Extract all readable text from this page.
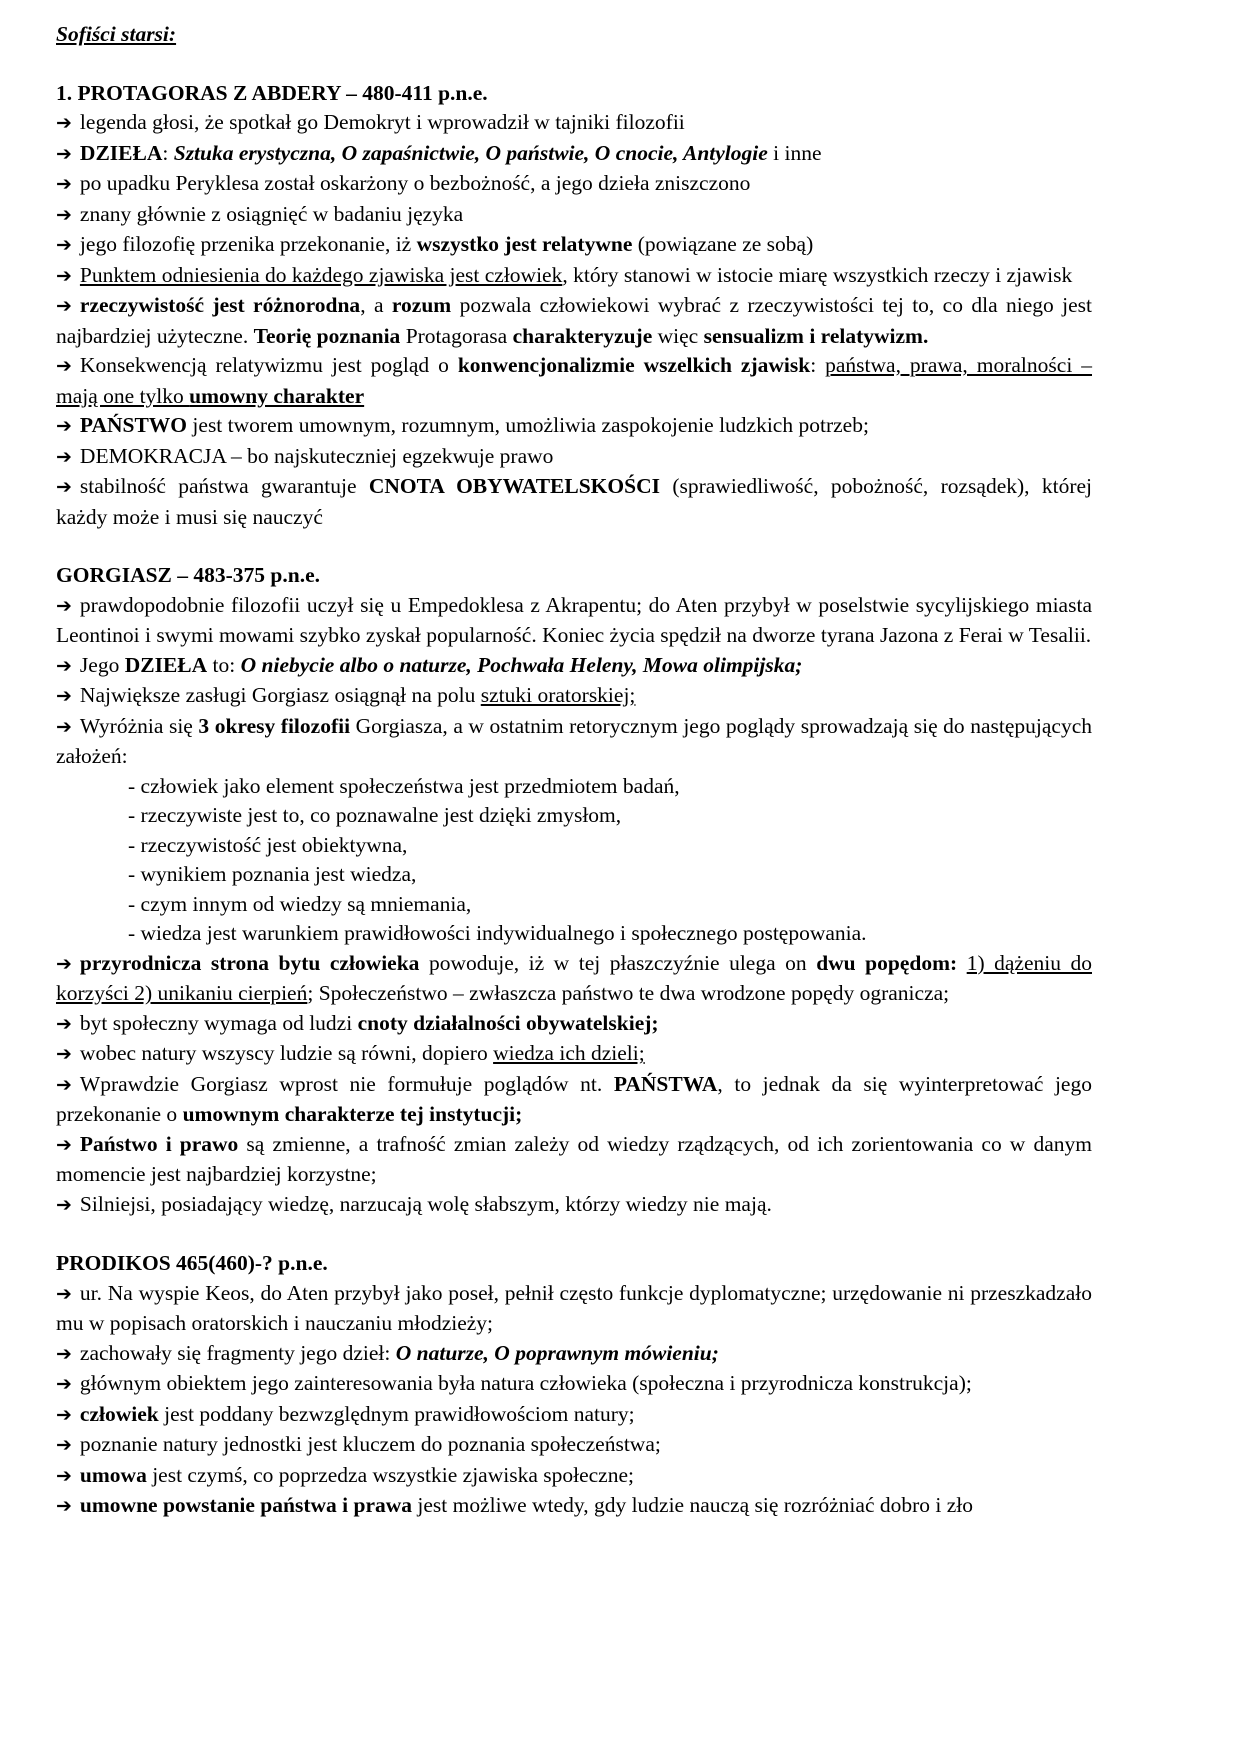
Sofiści starsi:

1. PROTAGORAS Z ABDERY – 480-411 p.n.e.

➔ legenda głosi, że spotkał go Demokryt i wprowadził w tajniki filozofii

➔ DZIEŁA: Sztuka erystyczna, O zapaśnictwie, O państwie, O cnocie, Antylogie i inne

➔ po upadku Peryklesa został oskarżony o bezbożność, a jego dzieła zniszczono

➔ znany głównie z osiągnięć w badaniu języka

➔ jego filozofię przenika przekonanie, iż wszystko jest relatywne (powiązane ze sobą)

➔ Punktem odniesienia do każdego zjawiska jest człowiek, który stanowi w istocie miarę wszystkich rzeczy i zjawisk

➔ rzeczywistość jest różnorodna, a rozum pozwala człowiekowi wybrać z rzeczywistości tej to, co dla niego jest najbardziej użyteczne. Teorię poznania Protagorasa charakteryzuje więc sensualizm i relatywizm.

➔ Konsekwencją relatywizmu jest pogląd o konwencjonalizmie wszelkich zjawisk: państwa, prawa, moralności – mają one tylko umowny charakter

➔ PAŃSTWO jest tworem umownym, rozumnym, umożliwia zaspokojenie ludzkich potrzeb;

➔ DEMOKRACJA – bo najskuteczniej egzekwuje prawo

➔ stabilność państwa gwarantuje CNOTA OBYWATELSKOŚCI (sprawiedliwość, pobożność, rozsądek), której każdy może i musi się nauczyć

GORGIASZ – 483-375 p.n.e.

➔ prawdopodobnie filozofii uczył się u Empedoklesa z Akrapentu; do Aten przybył w poselstwie sycylijskiego miasta Leontinoi i swymi mowami szybko zyskał popularność. Koniec życia spędził na dworze tyrana Jazona z Ferai w Tesalii.

➔ Jego DZIEŁA to: O niebycie albo o naturze, Pochwała Heleny, Mowa olimpijska;

➔ Największe zasługi Gorgiasz osiągnął na polu sztuki oratorskiej;

➔ Wyróżnia się 3 okresy filozofii Gorgiasza, a w ostatnim retorycznym jego poglądy sprowadzają się do następujących założeń:

- człowiek jako element społeczeństwa jest przedmiotem badań,

- rzeczywiste jest to, co poznawalne jest dzięki zmysłom,

- rzeczywistość jest obiektywna,

- wynikiem poznania jest wiedza,

- czym innym od wiedzy są mniemania,

- wiedza jest warunkiem prawidłowości indywidualnego i społecznego postępowania.

➔ przyrodnicza strona bytu człowieka powoduje, iż w tej płaszczyźnie ulega on dwu popędom: 1) dążeniu do korzyści 2) unikaniu cierpień; Społeczeństwo – zwłaszcza państwo te dwa wrodzone popędy ogranicza;

➔ byt społeczny wymaga od ludzi cnoty działalności obywatelskiej;

➔ wobec natury wszyscy ludzie są równi, dopiero wiedza ich dzieli;

➔ Wprawdzie Gorgiasz wprost nie formułuje poglądów nt. PAŃSTWA, to jednak da się wyinterpretować jego przekonanie o umownym charakterze tej instytucji;

➔ Państwo i prawo są zmienne, a trafność zmian zależy od wiedzy rządzących, od ich zorientowania co w danym momencie jest najbardziej korzystne;

➔ Silniejsi, posiadający wiedzę, narzucają wolę słabszym, którzy wiedzy nie mają.

PRODIKOS 465(460)-? p.n.e.

➔ ur. Na wyspie Keos, do Aten przybył jako poseł, pełnił często funkcje dyplomatyczne; urzędowanie ni przeszkadzało mu w popisach oratorskich i nauczaniu młodzieży;

➔ zachowały się fragmenty jego dzieł: O naturze, O poprawnym mówieniu;

➔ głównym obiektem jego zainteresowania była natura człowieka (społeczna i przyrodnicza konstrukcja);

➔ człowiek jest poddany bezwzględnym prawidłowościom natury;

➔ poznanie natury jednostki jest kluczem do poznania społeczeństwa;

➔ umowa jest czymś, co poprzedza wszystkie zjawiska społeczne;

➔ umowne powstanie państwa i prawa jest możliwe wtedy, gdy ludzie nauczą się rozróżniać dobro i zło
